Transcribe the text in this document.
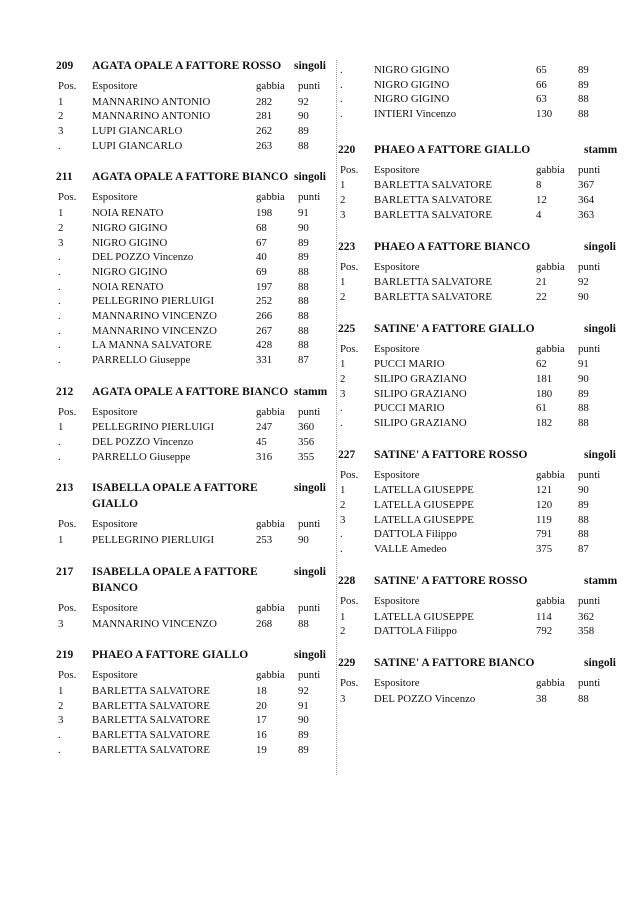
209	AGATA OPALE A FATTORE ROSSO	singoli
Pos.	Espositore	gabbia	punti
1	MANNARINO ANTONIO	282	92
2	MANNARINO ANTONIO	281	90
3	LUPI GIANCARLO	262	89
.	LUPI GIANCARLO	263	88
211	AGATA OPALE A FATTORE BIANCO singoli
Pos.	Espositore	gabbia	punti
1	NOIA RENATO	198	91
2	NIGRO GIGINO	68	90
3	NIGRO GIGINO	67	89
.	DEL POZZO Vincenzo	40	89
.	NIGRO GIGINO	69	88
.	NOIA RENATO	197	88
.	PELLEGRINO PIERLUIGI	252	88
.	MANNARINO VINCENZO	266	88
.	MANNARINO VINCENZO	267	88
.	LA MANNA SALVATORE	428	88
.	PARRELLO Giuseppe	331	87
212	AGATA OPALE A FATTORE BIANCO stamm
Pos.	Espositore	gabbia	punti
1	PELLEGRINO PIERLUIGI	247	360
.	DEL POZZO Vincenzo	45	356
.	PARRELLO Giuseppe	316	355
213	ISABELLA OPALE A FATTORE GIALLO
singoli
Pos.	Espositore	gabbia	punti
1	PELLEGRINO PIERLUIGI	253	90
217	ISABELLA OPALE A FATTORE BIANCO
singoli
Pos.	Espositore	gabbia	punti
3	MANNARINO VINCENZO	268	88
219	PHAEO A FATTORE GIALLO	singoli
Pos.	Espositore	gabbia	punti
1	BARLETTA SALVATORE	18	92
2	BARLETTA SALVATORE	20	91
3	BARLETTA SALVATORE	17	90
.	BARLETTA SALVATORE	16	89
.	BARLETTA SALVATORE	19	89
.	NIGRO GIGINO	65	89
.	NIGRO GIGINO	66	89
.	NIGRO GIGINO	63	88
.	INTIERI Vincenzo	130	88
220	PHAEO A FATTORE GIALLO	stamm
Pos.	Espositore	gabbia	punti
1	BARLETTA SALVATORE	8	367
2	BARLETTA SALVATORE	12	364
3	BARLETTA SALVATORE	4	363
223	PHAEO A FATTORE BIANCO	singoli
Pos.	Espositore	gabbia	punti
1	BARLETTA SALVATORE	21	92
2	BARLETTA SALVATORE	22	90
225	SATINE' A FATTORE GIALLO	singoli
Pos.	Espositore	gabbia	punti
1	PUCCI MARIO	62	91
2	SILIPO GRAZIANO	181	90
3	SILIPO GRAZIANO	180	89
.	PUCCI MARIO	61	88
.	SILIPO GRAZIANO	182	88
227	SATINE' A FATTORE ROSSO	singoli
Pos.	Espositore	gabbia	punti
1	LATELLA GIUSEPPE	121	90
2	LATELLA GIUSEPPE	120	89
3	LATELLA GIUSEPPE	119	88
.	DATTOLA Filippo	791	88
.	VALLE Amedeo	375	87
228	SATINE' A FATTORE ROSSO	stamm
Pos.	Espositore	gabbia	punti
1	LATELLA GIUSEPPE	114	362
2	DATTOLA Filippo	792	358
229	SATINE' A FATTORE BIANCO	singoli
Pos.	Espositore	gabbia	punti
3	DEL POZZO Vincenzo	38	88
